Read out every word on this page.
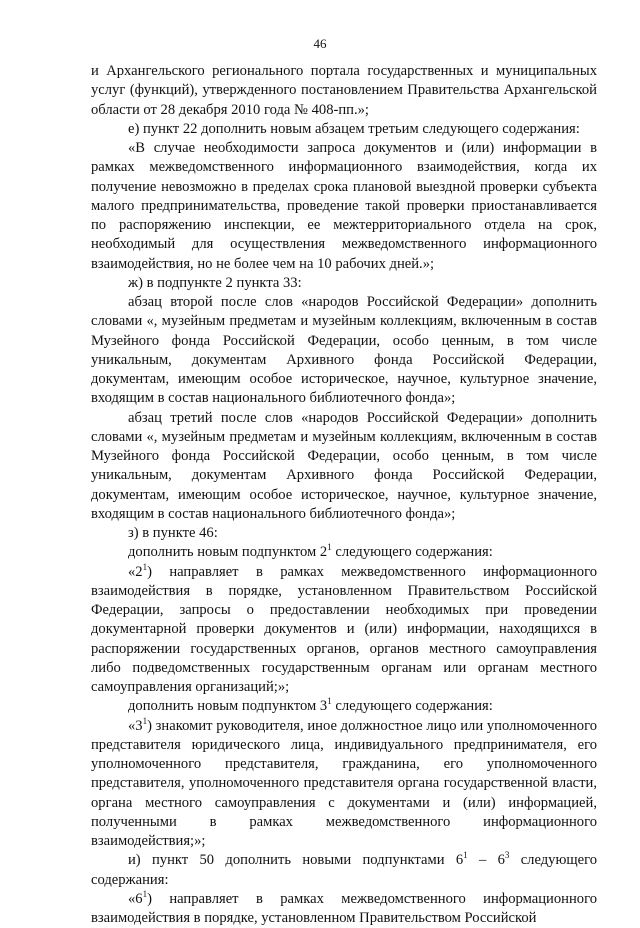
46

и Архангельского регионального портала государственных и муниципальных услуг (функций), утвержденного постановлением Правительства Архангельской области от 28 декабря 2010 года № 408-пп.»;

е) пункт 22 дополнить новым абзацем третьим следующего содержания:

«В случае необходимости запроса документов и (или) информации в рамках межведомственного информационного взаимодействия, когда их получение невозможно в пределах срока плановой выездной проверки субъекта малого предпринимательства, проведение такой проверки приостанавливается по распоряжению инспекции, ее межтерриториального отдела на срок, необходимый для осуществления межведомственного информационного взаимодействия, но не более чем на 10 рабочих дней.»;

ж) в подпункте 2 пункта 33:

абзац второй после слов «народов Российской Федерации» дополнить словами «, музейным предметам и музейным коллекциям, включенным в состав Музейного фонда Российской Федерации, особо ценным, в том числе уникальным, документам Архивного фонда Российской Федерации, документам, имеющим особое историческое, научное, культурное значение, входящим в состав национального библиотечного фонда»;

абзац третий после слов «народов Российской Федерации» дополнить словами «, музейным предметам и музейным коллекциям, включенным в состав Музейного фонда Российской Федерации, особо ценным, в том числе уникальным, документам Архивного фонда Российской Федерации, документам, имеющим особое историческое, научное, культурное значение, входящим в состав национального библиотечного фонда»;

з) в пункте 46:

дополнить новым подпунктом $2^1$ следующего содержания:

«$2^1$) направляет в рамках межведомственного информационного взаимодействия в порядке, установленном Правительством Российской Федерации, запросы о предоставлении необходимых при проведении документарной проверки документов и (или) информации, находящихся в распоряжении государственных органов, органов местного самоуправления либо подведомственных государственным органам или органам местного самоуправления организаций;»;

дополнить новым подпунктом $3^1$ следующего содержания:

«$3^1$) знакомит руководителя, иное должностное лицо или уполномоченного представителя юридического лица, индивидуального предпринимателя, его уполномоченного представителя, гражданина, его уполномоченного представителя, уполномоченного представителя органа государственной власти, органа местного самоуправления с документами и (или) информацией, полученными в рамках межведомственного информационного взаимодействия;»;

и) пункт 50 дополнить новыми подпунктами $6^1 - 6^3$ следующего содержания:

«$6^1$) направляет в рамках межведомственного информационного взаимодействия в порядке, установленном Правительством Российской
